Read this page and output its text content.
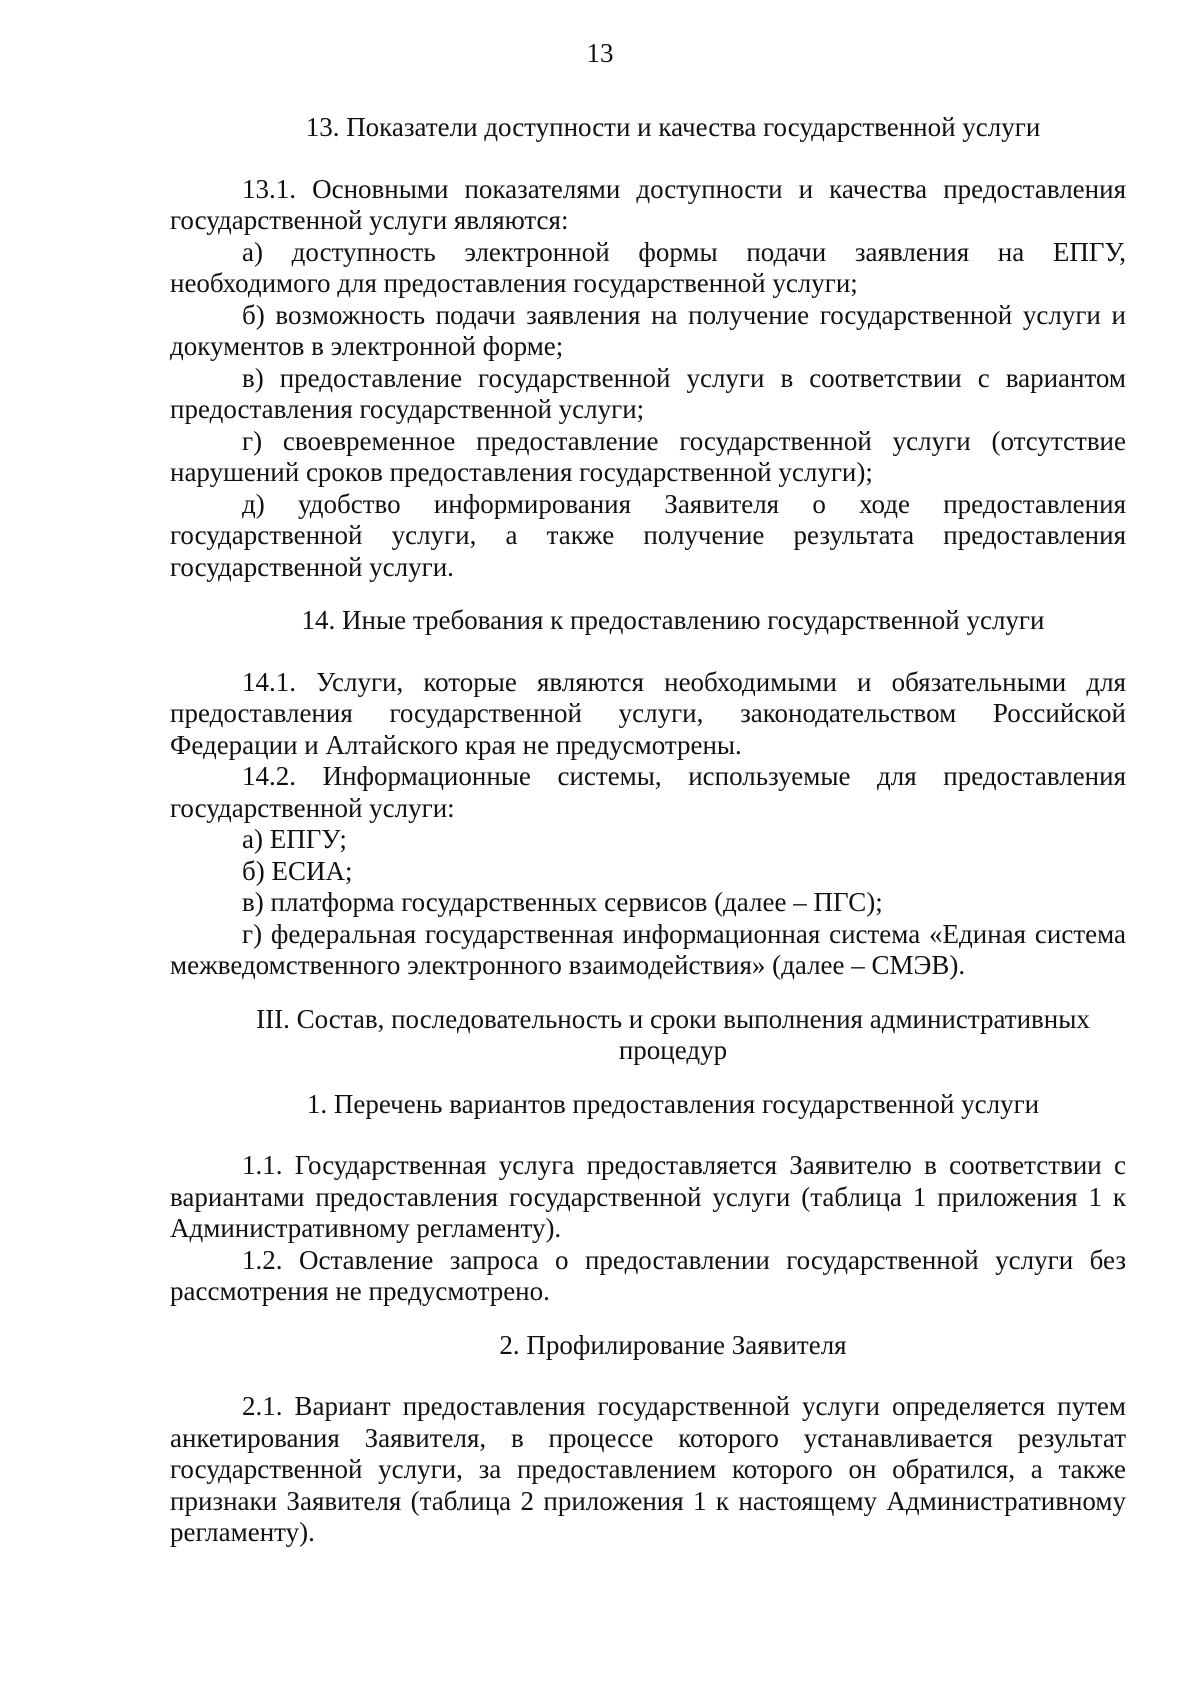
13

13. Показатели доступности и качества государственной услуги

13.1. Основными показателями доступности и качества предоставления государственной услуги являются:

а) доступность электронной формы подачи заявления на ЕПГУ, необходимого для предоставления государственной услуги;

б) возможность подачи заявления на получение государственной услуги и документов в электронной форме;

в) предоставление государственной услуги в соответствии с вариантом предоставления государственной услуги;

г) своевременное предоставление государственной услуги (отсутствие нарушений сроков предоставления государственной услуги);

д) удобство информирования Заявителя о ходе предоставления государственной услуги, а также получение результата предоставления государственной услуги.

14. Иные требования к предоставлению государственной услуги

14.1. Услуги, которые являются необходимыми и обязательными для предоставления государственной услуги, законодательством Российской Федерации и Алтайского края не предусмотрены.

14.2. Информационные системы, используемые для предоставления государственной услуги:

а) ЕПГУ;

б) ЕСИА;

в) платформа государственных сервисов (далее – ПГС);

г) федеральная государственная информационная система «Единая система межведомственного электронного взаимодействия» (далее – СМЭВ).

III. Состав, последовательность и сроки выполнения административных процедур

1. Перечень вариантов предоставления государственной услуги

1.1. Государственная услуга предоставляется Заявителю в соответствии с вариантами предоставления государственной услуги (таблица 1 приложения 1 к Административному регламенту).

1.2. Оставление запроса о предоставлении государственной услуги без рассмотрения не предусмотрено.

2. Профилирование Заявителя

2.1. Вариант предоставления государственной услуги определяется путем анкетирования Заявителя, в процессе которого устанавливается результат государственной услуги, за предоставлением которого он обратился, а также признаки Заявителя (таблица 2 приложения 1 к настоящему Административному регламенту).
